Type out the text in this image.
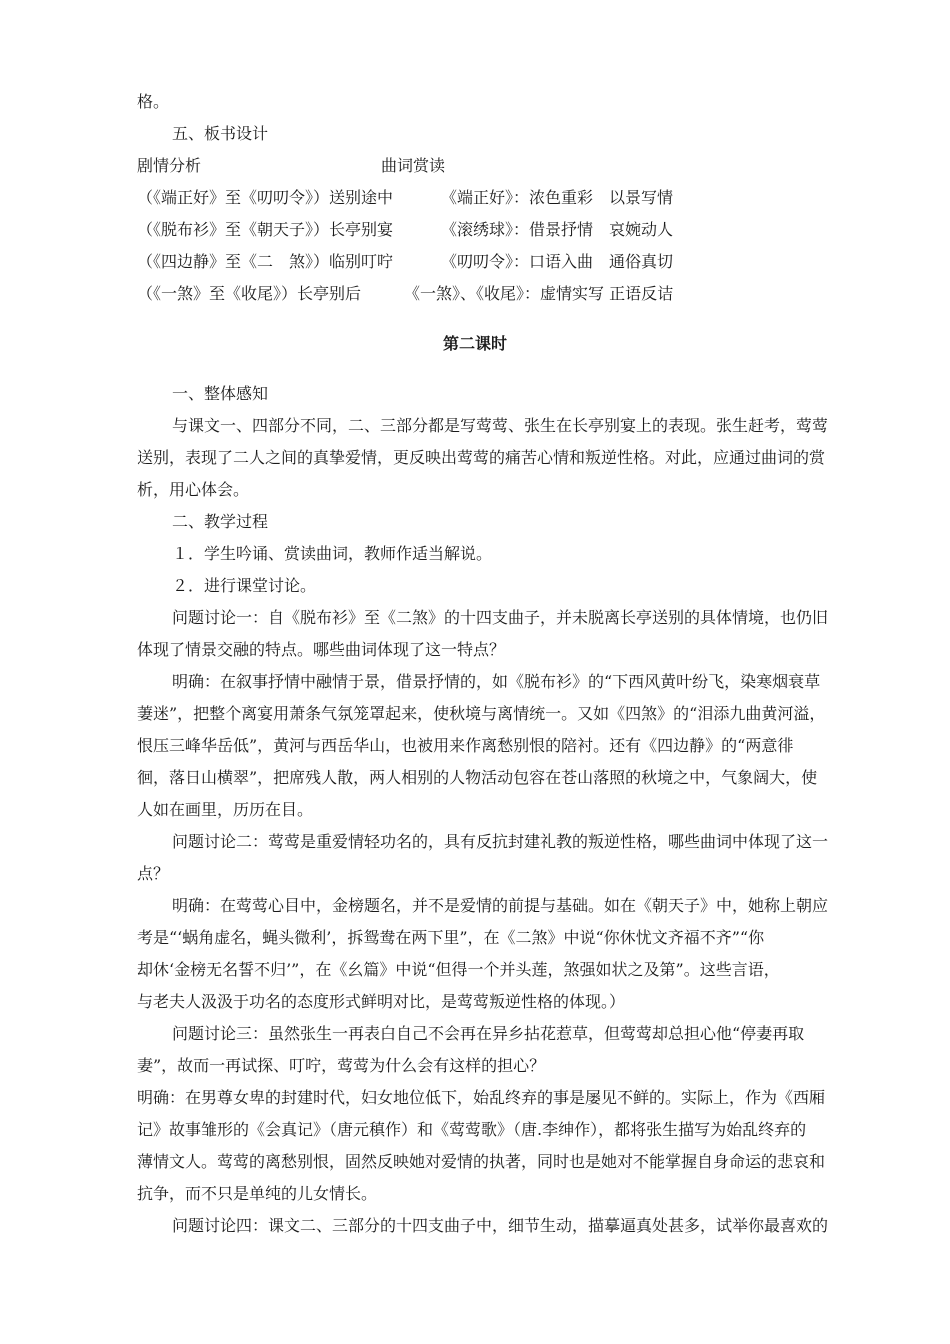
格。
五、板书设计
剧情分析	曲词赏读
（《端正好》至《叨叨令》）送别途中	《端正好》：浓色重彩　以景写情
（《脱布衫》至《朝天子》）长亭别宴	《滚绣球》：借景抒情　哀婉动人
（《四边静》至《二　煞》）临别叮咛	《叨叨令》：口语入曲　通俗真切
（《一煞》至《收尾》）长亭别后	《一煞》、《收尾》：虚情实写 正语反诘
第二课时
一、整体感知
与课文一、四部分不同，二、三部分都是写莺莺、张生在长亭别宴上的表现。张生赶考，莺莺
送别，表现了二人之间的真挚爱情，更反映出莺莺的痛苦心情和叛逆性格。对此，应通过曲词的赏
析，用心体会。
二、教学过程
１．学生吟诵、赏读曲词，教师作适当解说。
２．进行课堂讨论。
问题讨论一：自《脱布衫》至《二煞》的十四支曲子，并未脱离长亭送别的具体情境，也仍旧
体现了情景交融的特点。哪些曲词体现了这一特点？
明确：在叙事抒情中融情于景，借景抒情的，如《脱布衫》的“下西风黄叶纷飞，染寒烟衰草
萋迷”，把整个离宴用萧条气氛笼罩起来，使秋境与离情统一。又如《四煞》的“泪添九曲黄河溢，
恨压三峰华岳低”，黄河与西岳华山，也被用来作离愁别恨的陪衬。还有《四边静》的“两意徘
徊，落日山横翠”，把席残人散，两人相别的人物活动包容在苍山落照的秋境之中，气象阔大，使
人如在画里，历历在目。
问题讨论二：莺莺是重爱情轻功名的，具有反抗封建礼教的叛逆性格，哪些曲词中体现了这一
点？
明确：在莺莺心目中，金榜题名，并不是爱情的前提与基础。如在《朝天子》中，她称上朝应
考是“‘蜗角虚名，蝇头微利’，拆鸳鸯在两下里”，在《二煞》中说“你休忧文齐福不齐”“你
却休‘金榜无名誓不归’”，在《幺篇》中说“但得一个并头莲，煞强如状之及第”。这些言语，
与老夫人汲汲于功名的态度形式鲜明对比，是莺莺叛逆性格的体现。）
问题讨论三：虽然张生一再表白自己不会再在异乡拈花惹草，但莺莺却总担心他“停妻再取
妻”，故而一再试探、叮咛，莺莺为什么会有这样的担心？
明确：在男尊女卑的封建时代，妇女地位低下，始乱终弃的事是屡见不鲜的。实际上，作为《西厢
记》故事雏形的《会真记》（唐元稹作）和《莺莺歌》（唐.李绅作），都将张生描写为始乱终弃的
薄情文人。莺莺的离愁别恨，固然反映她对爱情的执著，同时也是她对不能掌握自身命运的悲哀和
抗争，而不只是单纯的儿女情长。
问题讨论四：课文二、三部分的十四支曲子中，细节生动，描摹逼真处甚多，试举你最喜欢的
